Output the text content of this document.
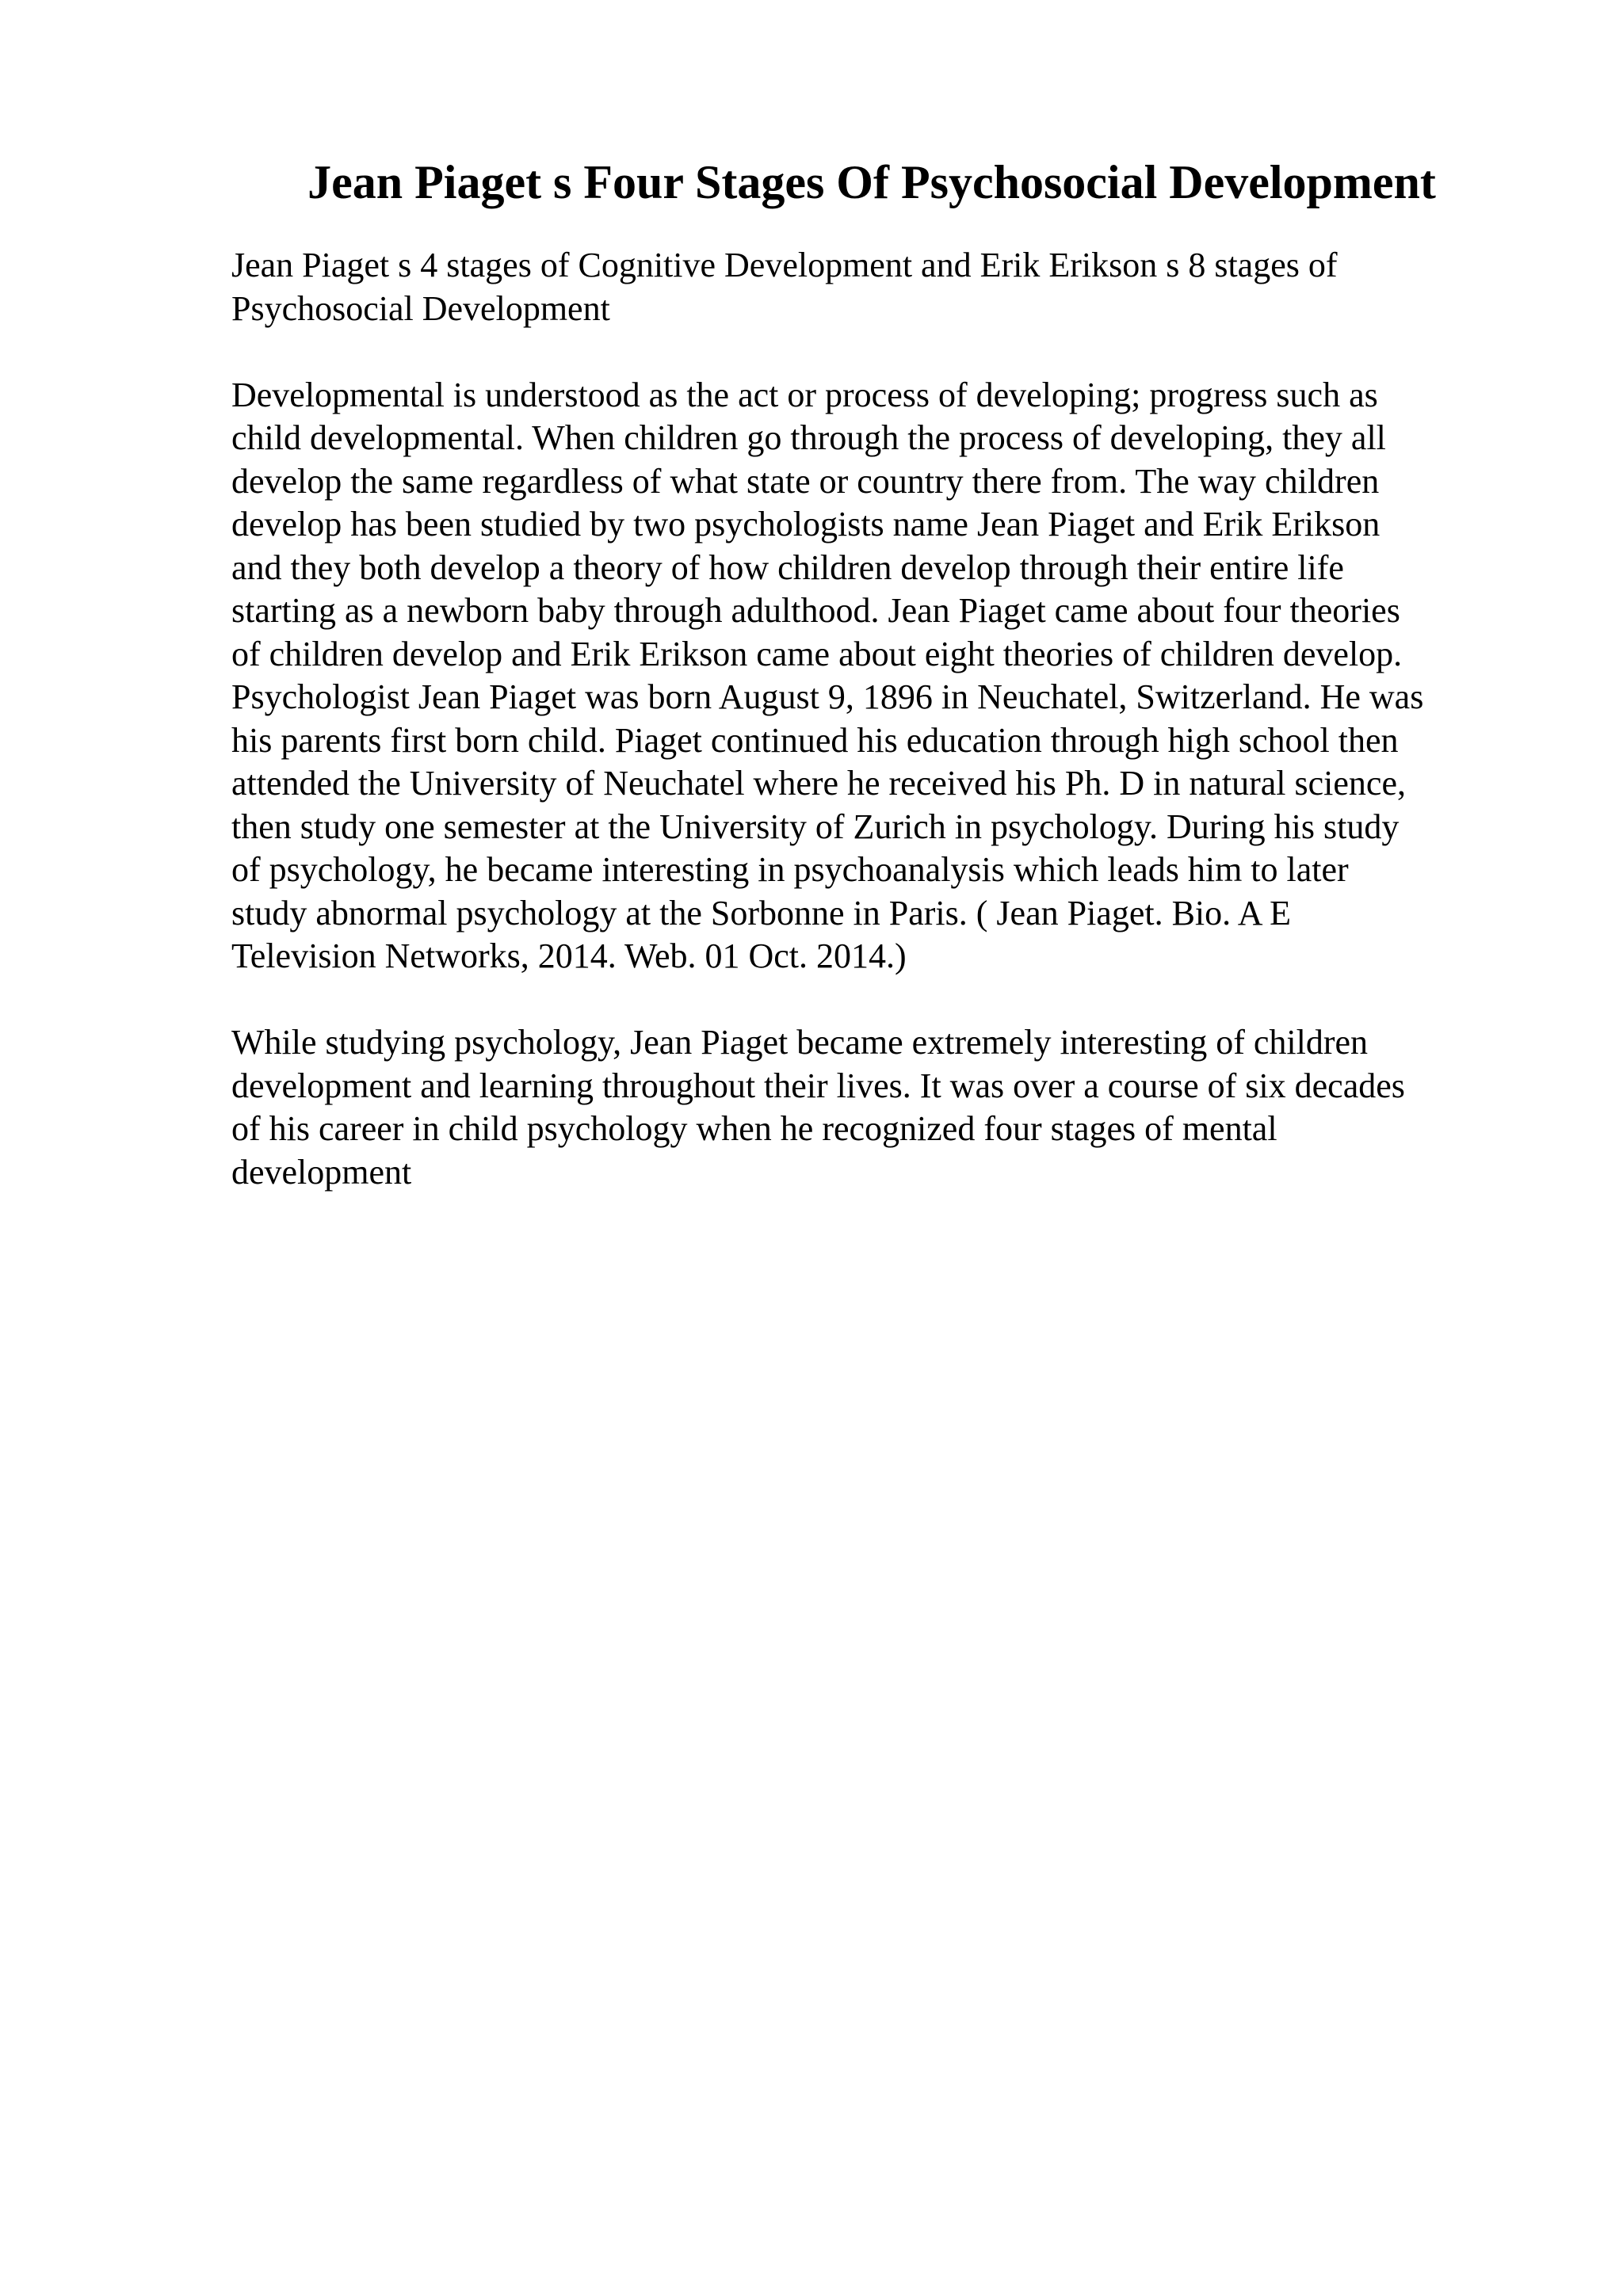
Jean Piaget s Four Stages Of Psychosocial Development

Jean Piaget s 4 stages of Cognitive Development and Erik Erikson s 8 stages of
Psychosocial Development

Developmental is understood as the act or process of developing; progress such as
child developmental. When children go through the process of developing, they all
develop the same regardless of what state or country there from. The way children
develop has been studied by two psychologists name Jean Piaget and Erik Erikson
and they both develop a theory of how children develop through their entire life
starting as a newborn baby through adulthood. Jean Piaget came about four theories
of children develop and Erik Erikson came about eight theories of children develop.
Psychologist Jean Piaget was born August 9, 1896 in Neuchatel, Switzerland. He was
his parents first born child. Piaget continued his education through high school then
attended the University of Neuchatel where he received his Ph. D in natural science,
then study one semester at the University of Zurich in psychology. During his study
of psychology, he became interesting in psychoanalysis which leads him to later
study abnormal psychology at the Sorbonne in Paris. ( Jean Piaget. Bio. A E
Television Networks, 2014. Web. 01 Oct. 2014.)

While studying psychology, Jean Piaget became extremely interesting of children
development and learning throughout their lives. It was over a course of six decades
of his career in child psychology when he recognized four stages of mental
development
